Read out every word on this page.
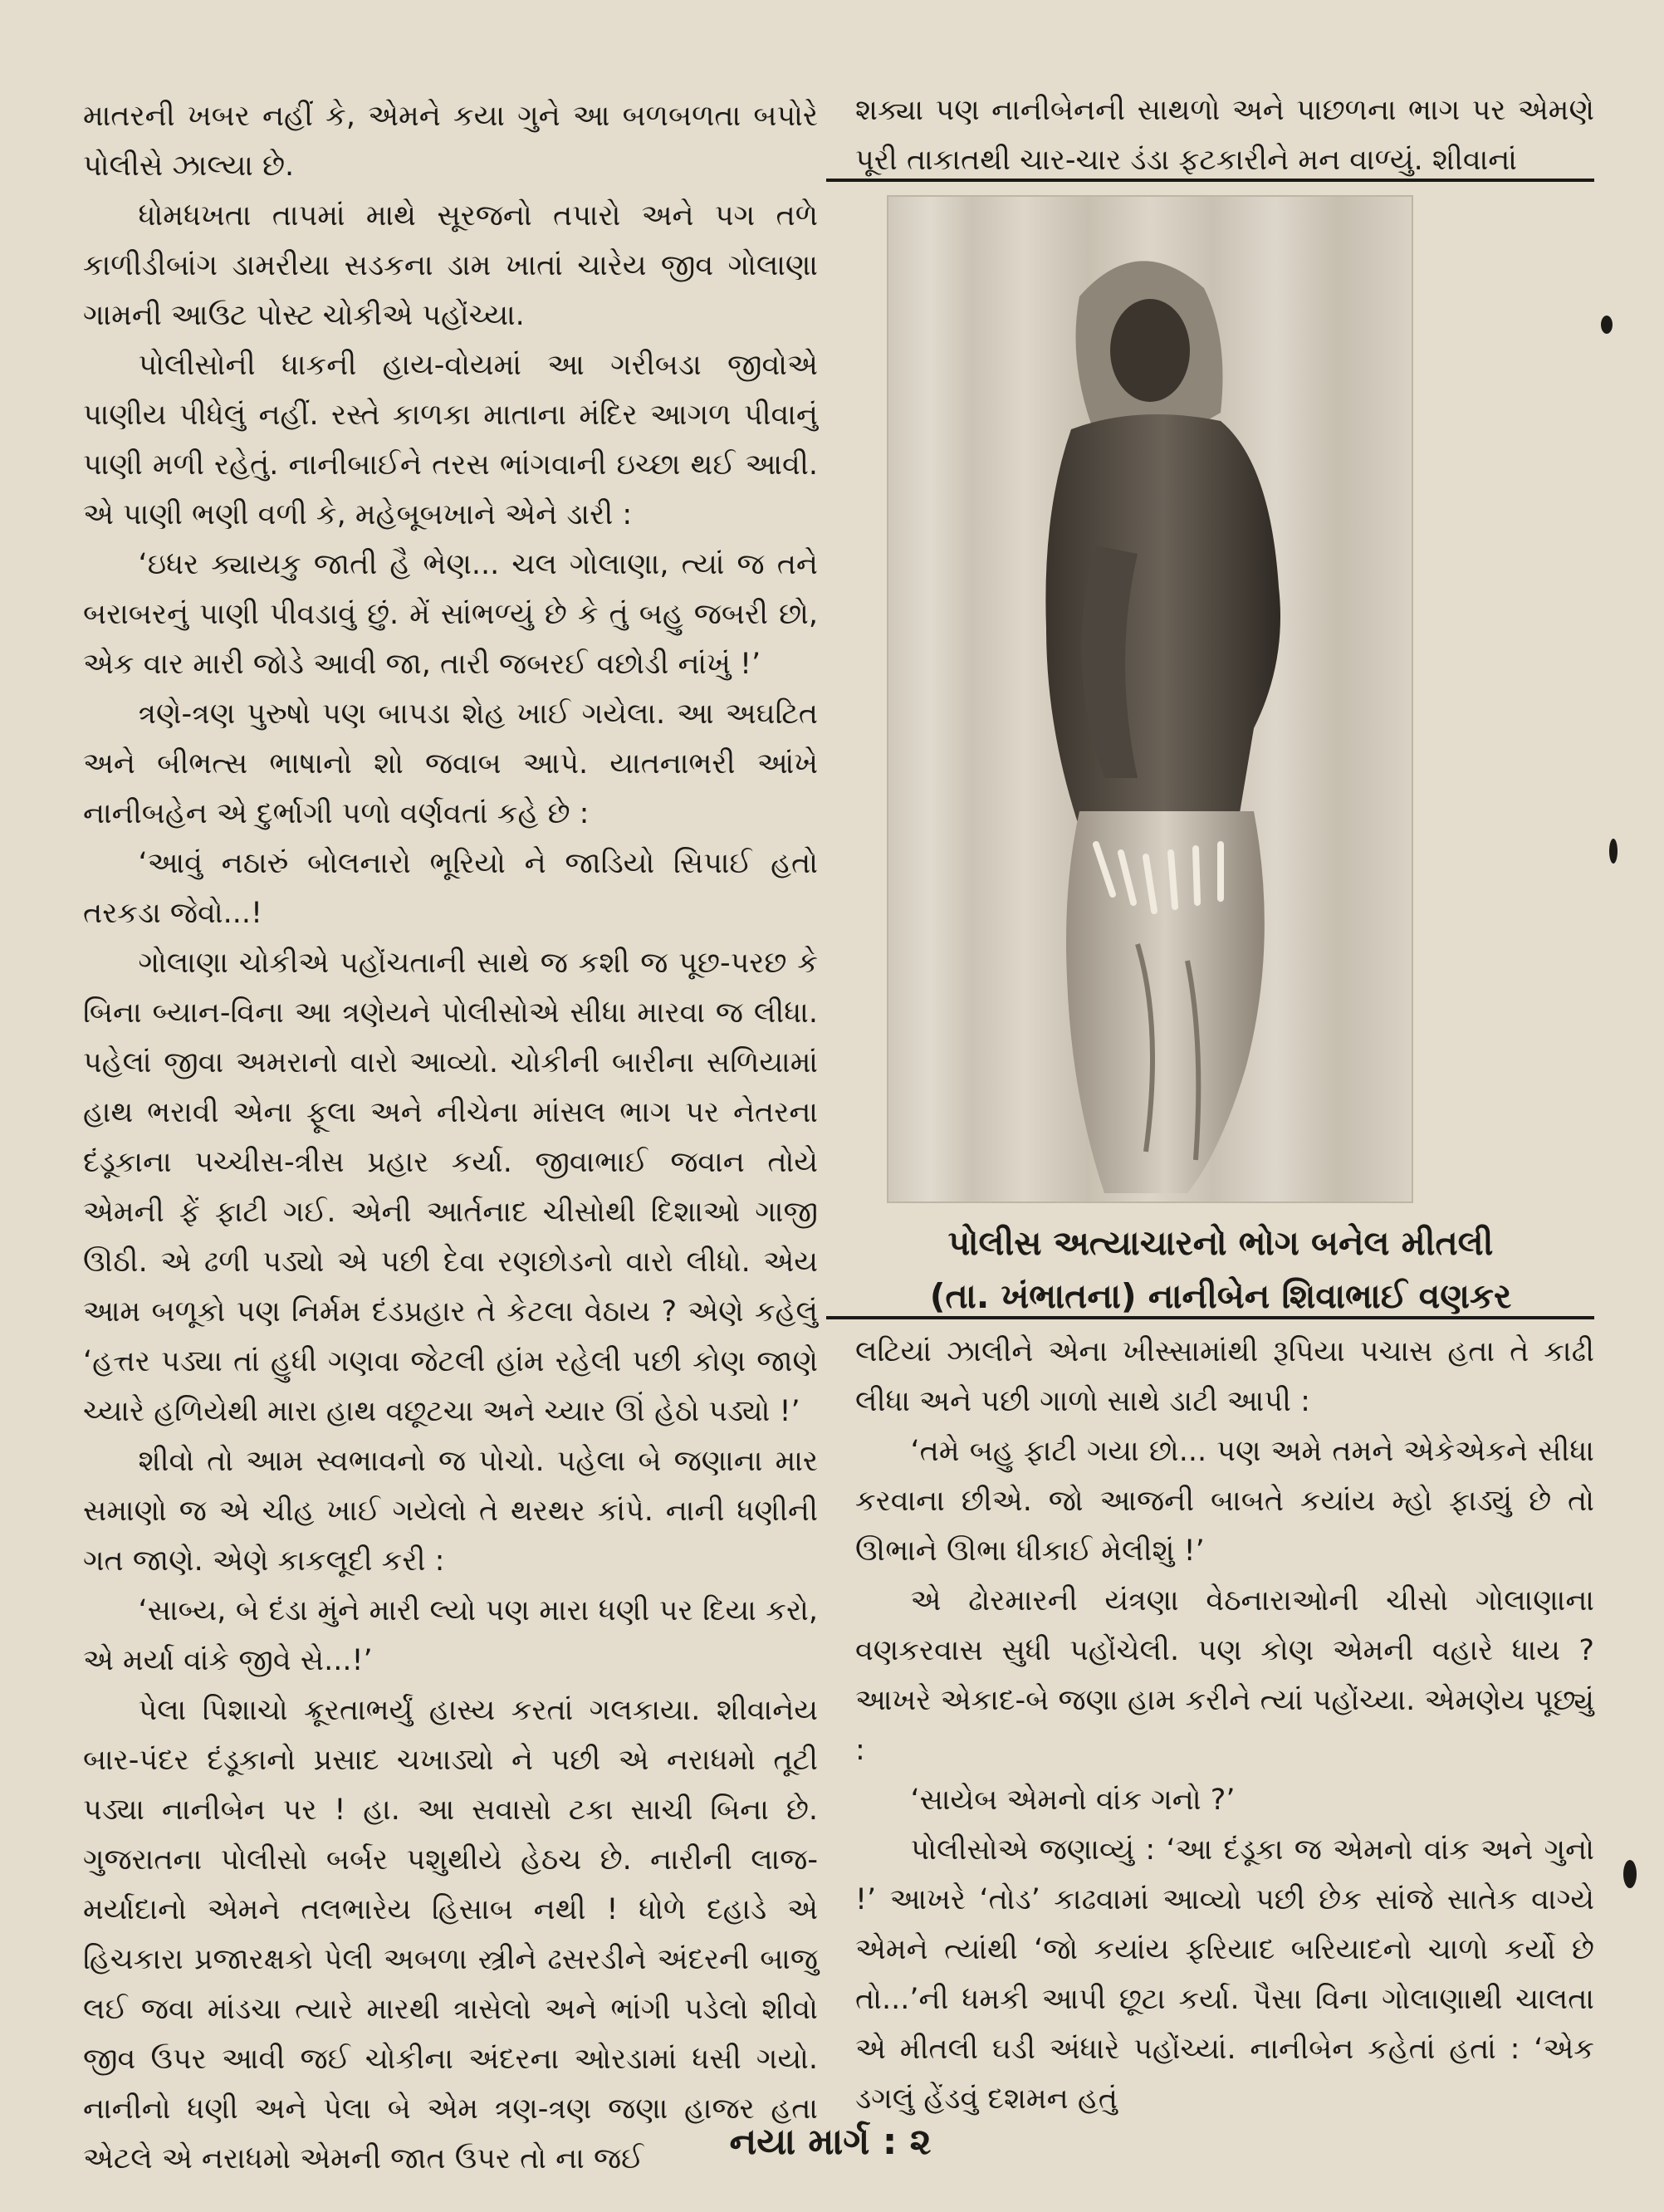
માતરની ખબર નહીં કે, એમને કયા ગુને આ બળબળતા બપોરે પોલીસે ઝાલ્યા છે.

ધોમધખતા તાપમાં માથે સૂરજનો તપારો અને પગ તળે કાળીડીબાંગ ડામરીયા સડકના ડામ ખાતાં ચારેય જીવ ગોલાણા ગામની આઉટ પોસ્ટ ચોકીએ પહોંચ્યા.

પોલીસોની ધાકની હાય-વોયમાં આ ગરીબડા જીવોએ પાણીય પીધેલું નહીં. રસ્તે કાળકા માતાના મંદિર આગળ પીવાનું પાણી મળી રહેતું. નાનીબાઈને તરસ ભાંગવાની ઇચ્છા થઈ આવી. એ પાણી ભણી વળી કે, મહેબૂબખાને એને ડારી :

‘ઇધર ક્યાયકુ જાતી હૈ ભેણ... ચલ ગોલાણા, ત્યાં જ તને બરાબરનું પાણી પીવડાવું છું. મેં સાંભળ્યું છે કે તું બહુ જબરી છો, એક વાર મારી જોડે આવી જા, તારી જબરઈ વછોડી નાંખું !’

ત્રણે-ત્રણ પુરુષો પણ બાપડા શેહ ખાઈ ગયેલા. આ અઘટિત અને બીભત્સ ભાષાનો શો જવાબ આપે. યાતનાભરી આંખે નાનીબહેન એ દુર્ભાગી પળો વર્ણવતાં કહે છે :

‘આવું નઠારું બોલનારો ભૂરિયો ને જાડિયો સિપાઈ હતો તરકડા જેવો...!

ગોલાણા ચોકીએ પહોંચતાની સાથે જ કશી જ પૂછ-પરછ કે બિના બ્યાન-વિના આ ત્રણેયને પોલીસોએ સીધા મારવા જ લીધા. પહેલાં જીવા અમરાનો વારો આવ્યો. ચોકીની બારીના સળિયામાં હાથ ભરાવી એના ફૂલા અને નીચેના માંસલ ભાગ પર નેતરના દંડૂકાના પચ્ચીસ-ત્રીસ પ્રહાર કર્યા. જીવાભાઈ જવાન તોયે એમની ફેં ફાટી ગઈ. એની આર્તનાદ ચીસોથી દિશાઓ ગાજી ઊઠી. એ ઢળી પડ્યો એ પછી દેવા રણછોડનો વારો લીધો. એય આમ બળૂકો પણ નિર્મમ દંડપ્રહાર તે કેટલા વેઠાય ? એણે કહેલું ‘હત્તર પડ્યા તાં હુધી ગણવા જેટલી હાંમ રહેલી પછી કોણ જાણે ચ્યારે હળિયેથી મારા હાથ વછૂટચા અને ચ્યાર ઊં હેઠો પડ્યો !’

શીવો તો આમ સ્વભાવનો જ પોચો. પહેલા બે જણાના માર સમાણો જ એ ચીહ ખાઈ ગયેલો તે થરથર કાંપે. નાની ધણીની ગત જાણે. એણે કાકલૂદી કરી :

‘સાબ્ય, બે દંડા મુંને મારી લ્યો પણ મારા ધણી પર દિયા કરો, એ મર્યા વાંકે જીવે સે...!’

પેલા પિશાચો ક્રૂરતાભર્યું હાસ્ય કરતાં ગલકાયા. શીવાનેય બાર-પંદર દંડૂકાનો પ્રસાદ ચખાડ્યો ને પછી એ નરાધમો તૂટી પડ્યા નાનીબેન પર ! હા. આ સવાસો ટકા સાચી બિના છે. ગુજરાતના પોલીસો બર્બર પશુથીયે હેઠચ છે. નારીની લાજ-મર્યાદાનો એમને તલભારેય હિસાબ નથી ! ધોળે દહાડે એ હિચકારા પ્રજારક્ષકો પેલી અબળા સ્ત્રીને ઢસરડીને અંદરની બાજુ લઈ જવા માંડચા ત્યારે મારથી ત્રાસેલો અને ભાંગી પડેલો શીવો જીવ ઉપર આવી જઈ ચોકીના અંદરના ઓરડામાં ધસી ગયો. નાનીનો ધણી અને પેલા બે એમ ત્રણ-ત્રણ જણા હાજર હતા એટલે એ નરાધમો એમની જાત ઉપર તો ના જઈ

શક્યા પણ નાનીબેનની સાથળો અને પાછળના ભાગ પર એમણે પૂરી તાકાતથી ચાર-ચાર ડંડા ફટકારીને મન વાળ્યું. શીવાનાં

પોલીસ અત્યાચારનો ભોગ બનેલ મીતલી
(તા. ખંભાતના) નાનીબેન શિવાભાઈ વણકર

લટિયાં ઝાલીને એના ખીસ્સામાંથી રૂપિયા પચાસ હતા તે કાઢી લીધા અને પછી ગાળો સાથે ડાટી આપી :

‘તમે બહુ ફાટી ગયા છો... પણ અમે તમને એકેએકને સીધા કરવાના છીએ. જો આજની બાબતે કયાંય મ્હો ફાડ્યું છે તો ઊભાને ઊભા ધીકાઈ મેલીશું !’

એ ઢોરમારની યંત્રણા વેઠનારાઓની ચીસો ગોલાણાના વણકરવાસ સુધી પહોંચેલી. પણ કોણ એમની વહારે ધાય ? આખરે એકાદ-બે જણા હામ કરીને ત્યાં પહોંચ્યા. એમણેય પૂછ્યું :

‘સાયેબ એમનો વાંક ગનો ?’

પોલીસોએ જણાવ્યું : ‘આ દંડૂકા જ એમનો વાંક અને ગુનો !’ આખરે ‘તોડ’ કાઢવામાં આવ્યો પછી છેક સાંજે સાતેક વાગ્યે એમને ત્યાંથી ‘જો કયાંય ફરિયાદ બરિયાદનો ચાળો કર્યો છે તો...’ની ધમકી આપી છૂટા કર્યા. પૈસા વિના ગોલાણાથી ચાલતા એ મીતલી ઘડી અંધારે પહોંચ્યાં. નાનીબેન કહેતાં હતાં : ‘એક ડગલું હેંડવું દશમન હતું

નયા માર્ગ : ૨
